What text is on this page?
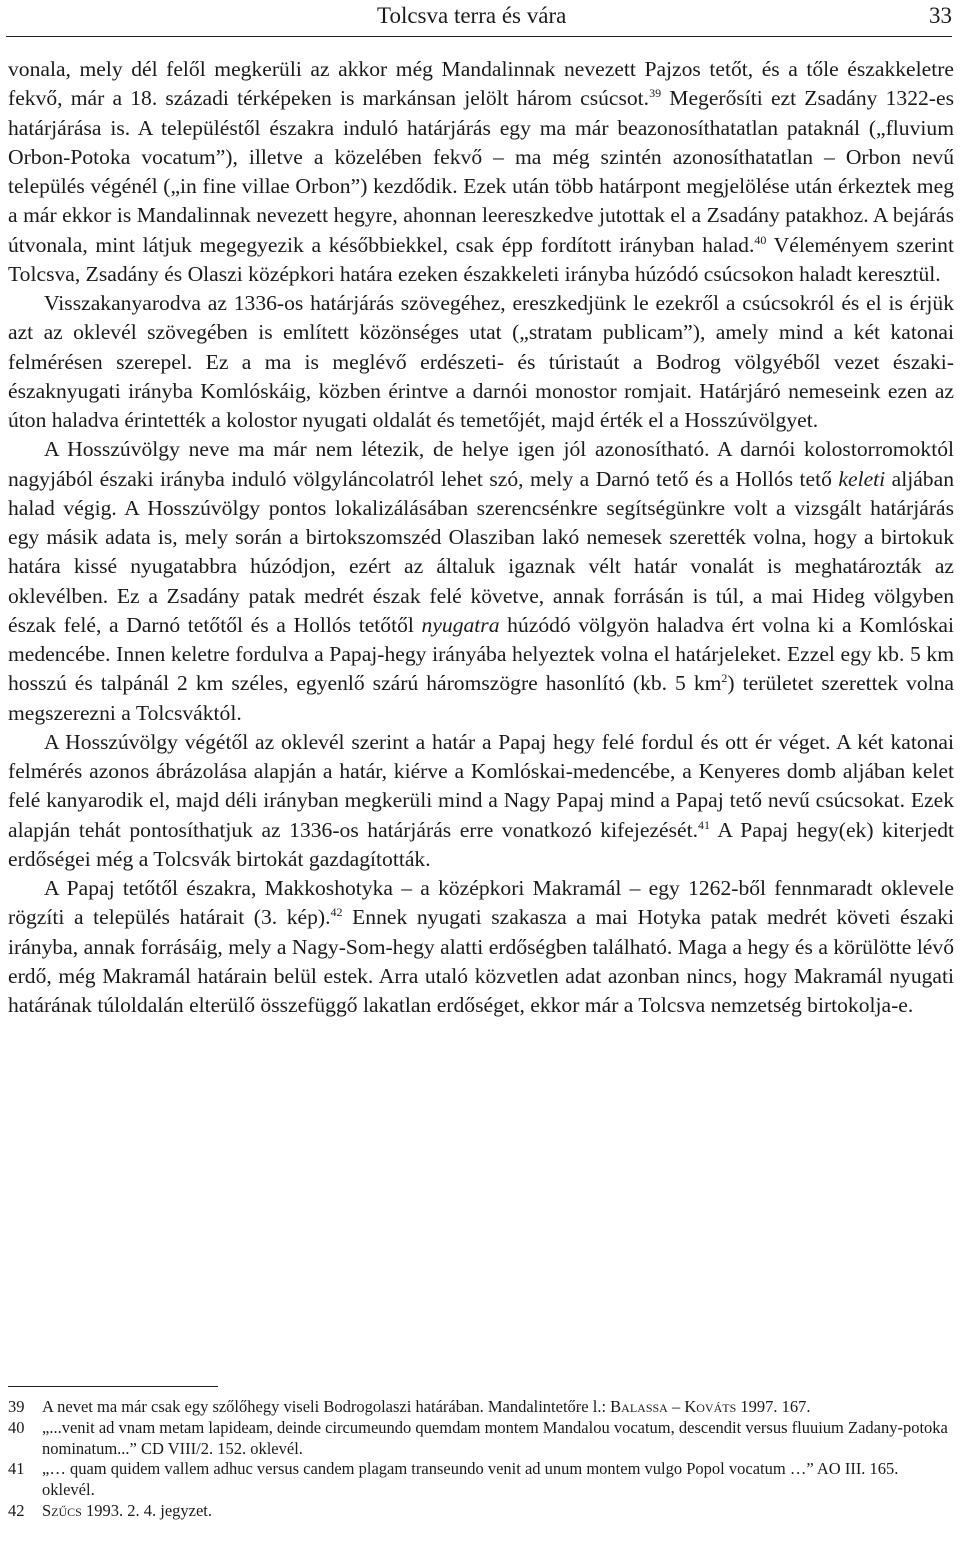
Tolcsva terra és vára	33

vonala, mely dél felől megkerüli az akkor még Mandalinnak nevezett Pajzos tetőt, és a tőle északkeletre fekvő, már a 18. századi térképeken is markánsan jelölt három csúcsot.$^{39}$ Megerősíti ezt Zsadány 1322-es határjárása is. A településtől északra induló határjárás egy ma már beazonosíthatatlan pataknál („fluvium Orbon-Potoka vocatum”), illetve a közelében fekvő – ma még szintén azonosíthatatlan – Orbon nevű település végénél („in fine villae Orbon”) kezdődik. Ezek után több határpont megjelölése után érkeztek meg a már ekkor is Mandalinnak nevezett hegyre, ahonnan leereszkedve jutottak el a Zsadány patakhoz. A bejárás útvonala, mint látjuk megegyezik a későbbiekkel, csak épp fordított irányban halad.$^{40}$ Véleményem szerint Tolcsva, Zsadány és Olaszi középkori határa ezeken északkeleti irányba húzódó csúcsokon haladt keresztül.

Visszakanyarodva az 1336-os határjárás szövegéhez, ereszkedjünk le ezekről a csúcsokról és el is érjük azt az oklevél szövegében is említett közönséges utat („stratam publicam”), amely mind a két katonai felmérésen szerepel. Ez a ma is meglévő erdészeti- és túristaút a Bodrog völgyéből vezet északi-északnyugati irányba Komlóskáig, közben érintve a darnói monostor romjait. Határjáró nemeseink ezen az úton haladva érintették a kolostor nyugati oldalát és temetőjét, majd érték el a Hosszúvölgyet.

A Hosszúvölgy neve ma már nem létezik, de helye igen jól azonosítható. A darnói kolostorromoktól nagyjából északi irányba induló völgyláncolatról lehet szó, mely a Darnó tető és a Hollós tető keleti aljában halad végig. A Hosszúvölgy pontos lokalizálásában szerencsénkre segítségünkre volt a vizsgált határjárás egy másik adata is, mely során a birtokszomszéd Olasziban lakó nemesek szerették volna, hogy a birtokuk határa kissé nyugatabbra húzódjon, ezért az általuk igaznak vélt határ vonalát is meghatározták az oklevélben. Ez a Zsadány patak medrét észak felé követve, annak forrásán is túl, a mai Hideg völgyben észak felé, a Darnó tetőtől és a Hollós tetőtől nyugatra húzódó völgyön haladva ért volna ki a Komlóskai medencébe. Innen keletre fordulva a Papaj-hegy irányába helyeztek volna el határjeleket. Ezzel egy kb. 5 km hosszú és talpánál 2 km széles, egyenlő szárú háromszögre hasonlító (kb. 5 $km^2$) területet szerettek volna megszerezni a Tolcsváktól.

A Hosszúvölgy végétől az oklevél szerint a határ a Papaj hegy felé fordul és ott ér véget. A két katonai felmérés azonos ábrázolása alapján a határ, kiérve a Komlóskai-medencébe, a Kenyeres domb aljában kelet felé kanyarodik el, majd déli irányban megkerüli mind a Nagy Papaj mind a Papaj tető nevű csúcsokat. Ezek alapján tehát pontosíthatjuk az 1336-os határjárás erre vonatkozó kifejezését.$^{41}$ A Papaj hegy(ek) kiterjedt erdőségei még a Tolcsvák birtokát gazdagították.

A Papaj tetőtől északra, Makkoshotyka – a középkori Makramál – egy 1262-ből fennmaradt oklevele rögzíti a település határait (3. kép).$^{42}$ Ennek nyugati szakasza a mai Hotyka patak medrét követi északi irányba, annak forrásáig, mely a Nagy-Som-hegy alatti erdőségben található. Maga a hegy és a körülötte lévő erdő, még Makramál határain belül estek. Arra utaló közvetlen adat azonban nincs, hogy Makramál nyugati határának túloldalán elterülő összefüggő lakatlan erdőséget, ekkor már a Tolcsva nemzetség birtokolja-e.

39	A nevet ma már csak egy szőlőhegy viseli Bodrogolaszi határában. Mandalintetőre l.: Balassa – Kováts 1997. 167.
40	„...venit ad vnam metam lapideam, deinde circumeundo quemdam montem Mandalou vocatum, descendit versus fluuium Zadany-potoka nominatum...” CD VIII/2. 152. oklevél.
41	„… quam quidem vallem adhuc versus candem plagam transeundo venit ad unum montem vulgo Popol vocatum …” AO III. 165. oklevél.
42	Szűcs 1993. 2. 4. jegyzet.
